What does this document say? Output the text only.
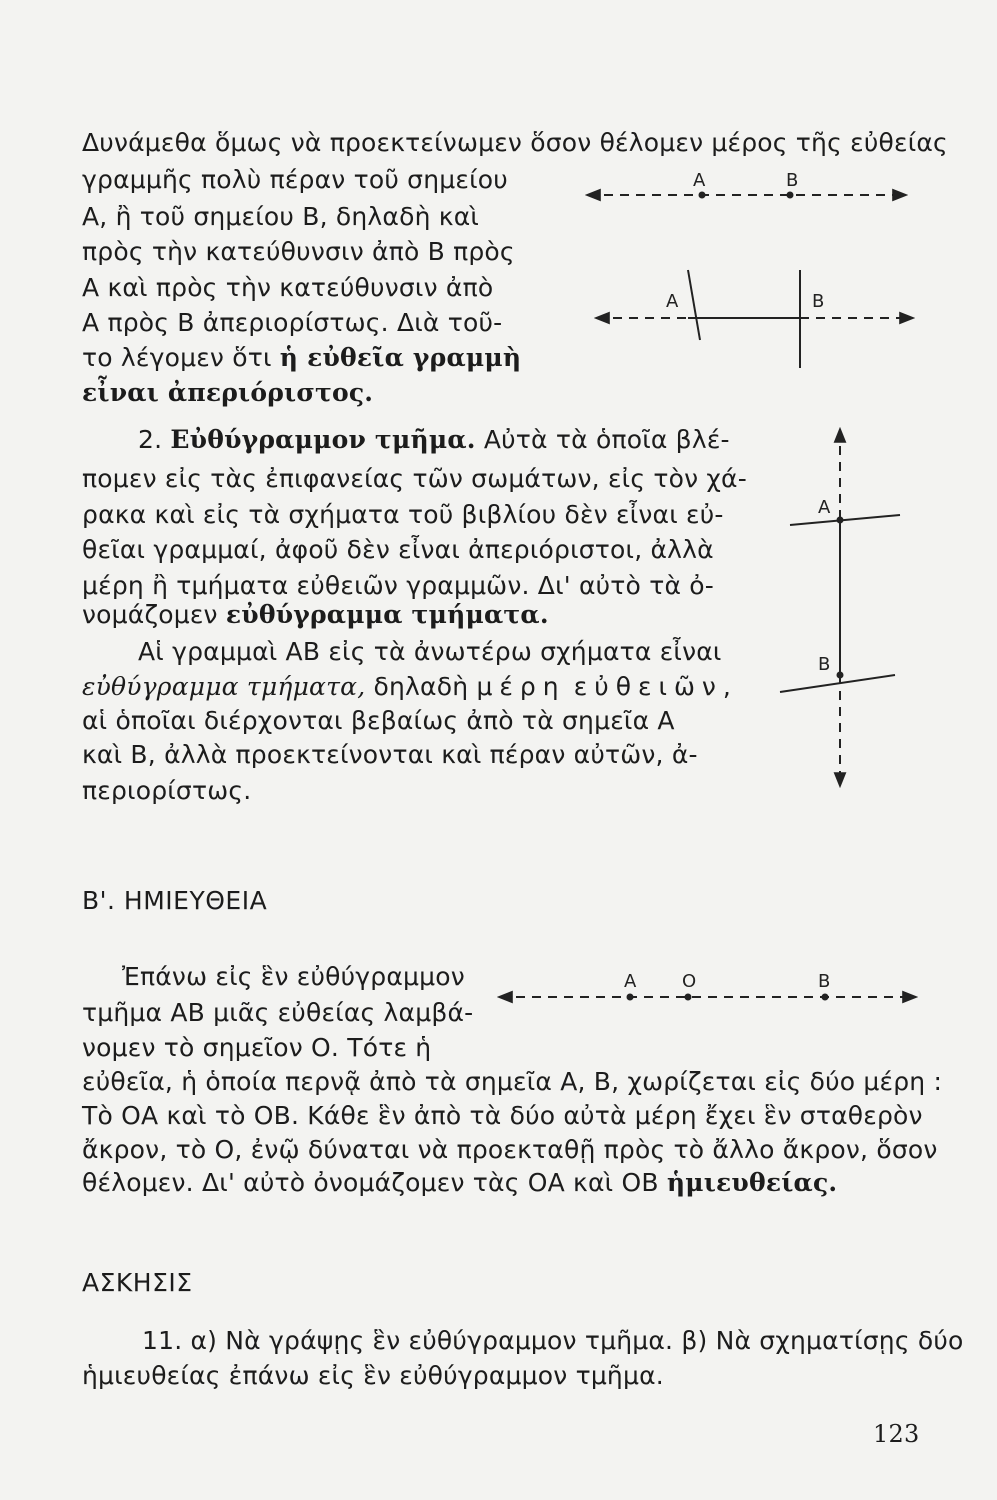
Δυνάμεθα ὅμως νὰ προεκτείνωμεν ὅσον θέλομεν μέρος τῆς εὐθείας
γραμμῆς πολὺ πέραν τοῦ σημείου
Α, ἢ τοῦ σημείου Β, δηλαδὴ καὶ
πρὸς τὴν κατεύθυνσιν ἀπὸ Β πρὸς
Α καὶ πρὸς τὴν κατεύθυνσιν ἀπὸ
Α πρὸς Β ἀπεριορίστως. Διὰ τοῦ-
το λέγομεν ὅτι ἡ εὐθεῖα γραμμὴ
εἶναι ἀπεριόριστος.
2. Εὐθύγραμμον τμῆμα. Αὐτὰ τὰ ὁποῖα βλέ-
πομεν εἰς τὰς ἐπιφανείας τῶν σωμάτων, εἰς τὸν χά-
ρακα καὶ εἰς τὰ σχήματα τοῦ βιβλίου δὲν εἶναι εὐ-
θεῖαι γραμμαί, ἀφοῦ δὲν εἶναι ἀπεριόριστοι, ἀλλὰ
μέρη ἢ τμήματα εὐθειῶν γραμμῶν. Δι' αὐτὸ τὰ ὀ-
νομάζομεν εὐθύγραμμα τμήματα.
Αἱ γραμμαὶ ΑΒ εἰς τὰ ἀνωτέρω σχήματα εἶναι
εὐθύγραμμα τμήματα, δηλαδὴ μέρη εὐθειῶν,
αἱ ὁποῖαι διέρχονται βεβαίως ἀπὸ τὰ σημεῖα Α
καὶ Β, ἀλλὰ προεκτείνονται καὶ πέραν αὐτῶν, ἀ-
περιορίστως.
Β'. ΗΜΙΕΥΘΕΙΑ
Ἐπάνω εἰς ἓν εὐθύγραμμον
τμῆμα ΑΒ μιᾶς εὐθείας λαμβά-
νομεν τὸ σημεῖον Ο. Τότε ἡ
εὐθεῖα, ἡ ὁποία περνᾷ ἀπὸ τὰ σημεῖα Α, Β, χωρίζεται εἰς δύο μέρη :
Τὸ ΟΑ καὶ τὸ ΟΒ. Κάθε ἓν ἀπὸ τὰ δύο αὐτὰ μέρη ἔχει ἓν σταθερὸν
ἄκρον, τὸ Ο, ἐνῷ δύναται νὰ προεκταθῇ πρὸς τὸ ἄλλο ἄκρον, ὅσον
θέλομεν. Δι' αὐτὸ ὀνομάζομεν τὰς ΟΑ καὶ ΟΒ ἡμιευθείας.
ΑΣΚΗΣΙΣ
11. α) Νὰ γράψῃς ἓν εὐθύγραμμον τμῆμα. β) Νὰ σχηματίσῃς δύο
ἡμιευθείας ἐπάνω εἰς ἓν εὐθύγραμμον τμῆμα.
123
Α	Β
Α	Β
Α
Β
Α	Ο	Β
